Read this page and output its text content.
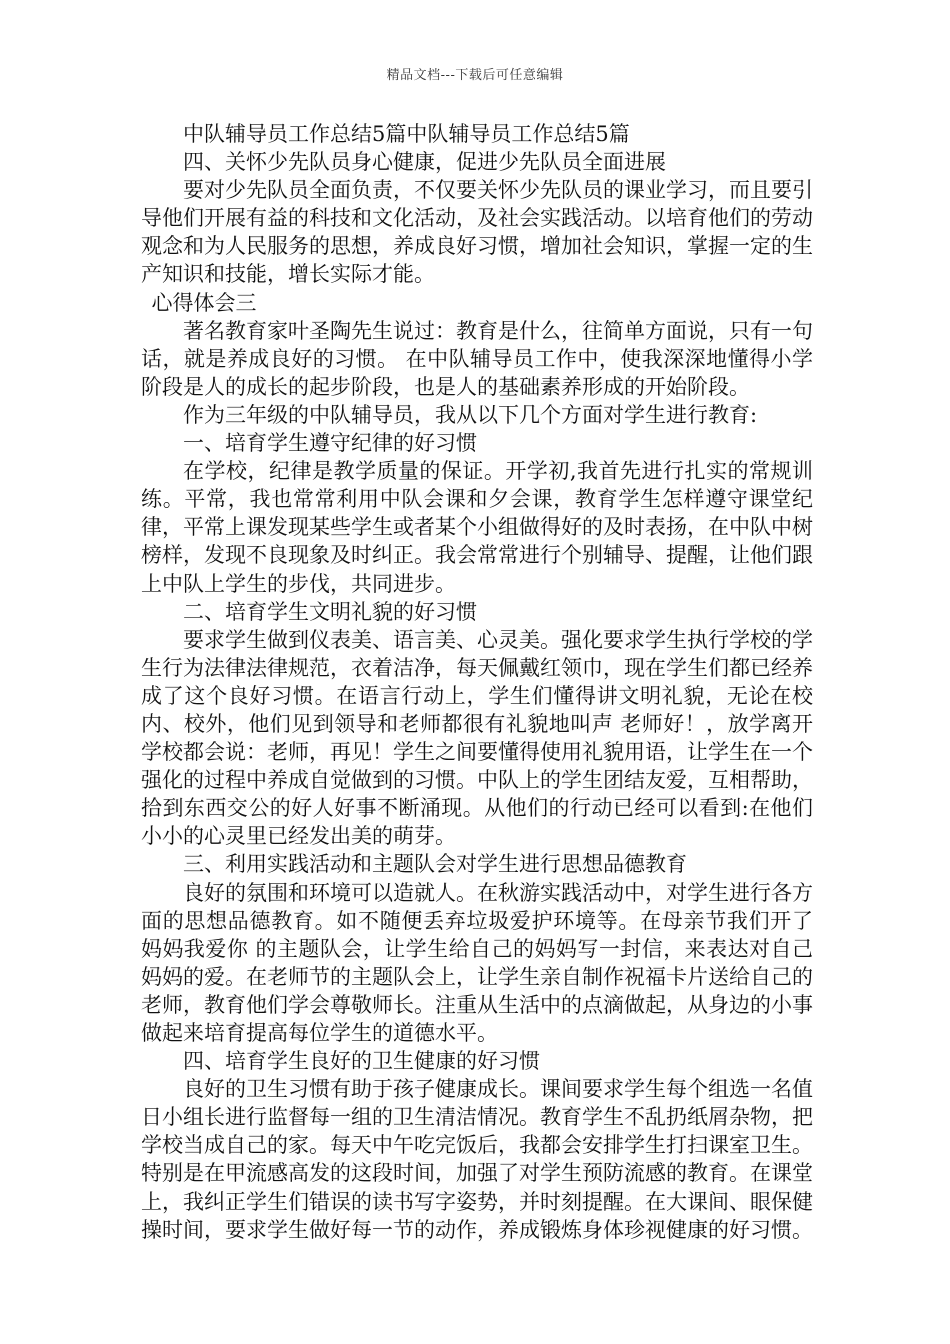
精品文档---下载后可任意编辑

中队辅导员工作总结5篇中队辅导员工作总结5篇

四、关怀少先队员身心健康，促进少先队员全面进展

要对少先队员全面负责，不仅要关怀少先队员的课业学习，而且要引导他们开展有益的科技和文化活动，及社会实践活动。以培育他们的劳动观念和为人民服务的思想，养成良好习惯，增加社会知识，掌握一定的生产知识和技能，增长实际才能。

心得体会三

著名教育家叶圣陶先生说过：教育是什么，往简单方面说，只有一句话，就是养成良好的习惯。 在中队辅导员工作中，使我深深地懂得小学阶段是人的成长的起步阶段，也是人的基础素养形成的开始阶段。

作为三年级的中队辅导员，我从以下几个方面对学生进行教育:

一、培育学生遵守纪律的好习惯

在学校，纪律是教学质量的保证。开学初,我首先进行扎实的常规训练。平常，我也常常利用中队会课和夕会课，教育学生怎样遵守课堂纪律，平常上课发现某些学生或者某个小组做得好的及时表扬，在中队中树榜样，发现不良现象及时纠正。我会常常进行个别辅导、提醒，让他们跟上中队上学生的步伐，共同进步。

二、培育学生文明礼貌的好习惯

要求学生做到仪表美、语言美、心灵美。强化要求学生执行学校的学生行为法律法律规范，衣着洁净，每天佩戴红领巾，现在学生们都已经养成了这个良好习惯。在语言行动上，学生们懂得讲文明礼貌，无论在校内、校外，他们见到领导和老师都很有礼貌地叫声 老师好！，放学离开学校都会说：老师，再见！学生之间要懂得使用礼貌用语，让学生在一个强化的过程中养成自觉做到的习惯。中队上的学生团结友爱，互相帮助，拾到东西交公的好人好事不断涌现。从他们的行动已经可以看到:在他们小小的心灵里已经发出美的萌芽。

三、利用实践活动和主题队会对学生进行思想品德教育

良好的氛围和环境可以造就人。在秋游实践活动中，对学生进行各方面的思想品德教育。如不随便丢弃垃圾爱护环境等。在母亲节我们开了 妈妈我爱你 的主题队会，让学生给自己的妈妈写一封信，来表达对自己妈妈的爱。在老师节的主题队会上，让学生亲自制作祝福卡片送给自己的老师，教育他们学会尊敬师长。注重从生活中的点滴做起，从身边的小事做起来培育提高每位学生的道德水平。

四、培育学生良好的卫生健康的好习惯

良好的卫生习惯有助于孩子健康成长。课间要求学生每个组选一名值日小组长进行监督每一组的卫生清洁情况。教育学生不乱扔纸屑杂物，把学校当成自己的家。每天中午吃完饭后，我都会安排学生打扫课室卫生。特别是在甲流感高发的这段时间，加强了对学生预防流感的教育。在课堂上，我纠正学生们错误的读书写字姿势，并时刻提醒。在大课间、眼保健操时间，要求学生做好每一节的动作，养成锻炼身体珍视健康的好习惯。
